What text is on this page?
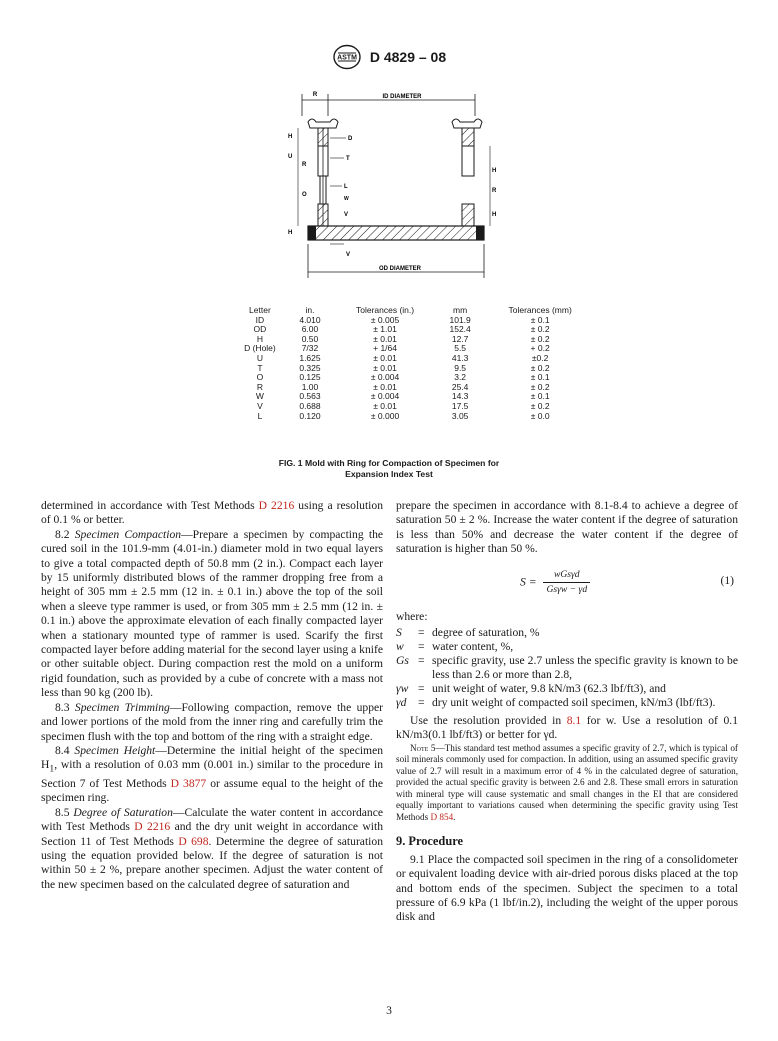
ASTM D 4829 – 08
R	ID DIAMETER
OD DIAMETER
H
U
R
O
H
D
T
L
W
V
V
H
R
H
Letter	in.	Tolerances (in.)	mm	Tolerances (mm)
ID	4.010	± 0.005	101.9	± 0.1
OD	6.00	± 1.01	152.4	± 0.2
H	0.50	± 0.01	12.7	± 0.2
D (Hole)	7/32	+ 1/64	5.5	+ 0.2
U	1.625	± 0.01	41.3	±0.2
T	0.325	± 0.01	9.5	± 0.2
O	0.125	± 0.004	3.2	± 0.1
R	1.00	± 0.01	25.4	± 0.2
W	0.563	± 0.004	14.3	± 0.1
V	0.688	± 0.01	17.5	± 0.2
L	0.120	± 0.000	3.05	± 0.0
FIG. 1 Mold with Ring for Compaction of Specimen for
Expansion Index Test

determined in accordance with Test Methods D 2216 using a resolution of 0.1 % or better.

8.2 Specimen Compaction—Prepare a specimen by compacting the cured soil in the 101.9-mm (4.01-in.) diameter mold in two equal layers to give a total compacted depth of 50.8 mm (2 in.). Compact each layer by 15 uniformly distributed blows of the rammer dropping free from a height of 305 mm ± 2.5 mm (12 in. ± 0.1 in.) above the top of the soil when a sleeve type rammer is used, or from 305 mm ± 2.5 mm (12 in. ± 0.1 in.) above the approximate elevation of each finally compacted layer when a stationary mounted type of rammer is used. Scarify the first compacted layer before adding material for the second layer using a knife or other suitable object. During compaction rest the mold on a uniform rigid foundation, such as provided by a cube of concrete with a mass not less than 90 kg (200 lb).

8.3 Specimen Trimming—Following compaction, remove the upper and lower portions of the mold from the inner ring and carefully trim the specimen flush with the top and bottom of the ring with a straight edge.

8.4 Specimen Height—Determine the initial height of the specimen $H_1$, with a resolution of 0.03 mm (0.001 in.) similar to the procedure in Section 7 of Test Methods D 3877 or assume equal to the height of the specimen ring.

8.5 Degree of Saturation—Calculate the water content in accordance with Test Methods D 2216 and the dry unit weight in accordance with Section 11 of Test Methods D 698. Determine the degree of saturation using the equation provided below. If the degree of saturation is not within 50 ± 2 %, prepare another specimen. Adjust the water content of the new specimen based on the calculated degree of saturation and

prepare the specimen in accordance with 8.1-8.4 to achieve a degree of saturation 50 ± 2 %. Increase the water content if the degree of saturation is less than 50% and decrease the water content if the degree of saturation is higher than 50 %.

$S = \frac{\text{wGsγd}}{\text{Gsγw − γd}}$	(1)

where:

S	= degree of saturation, %
w	= water content, %,
Gs = specific gravity, use 2.7 unless the specific gravity is known to be less than 2.6 or more than 2.8,
γw = unit weight of water, 9.8 kN/m3 (62.3 lbf/ft3), and
γd	= dry unit weight of compacted soil specimen, kN/m3 (lbf/ft3).

Use the resolution provided in 8.1 for w. Use a resolution of 0.1 kN/m3(0.1 lbf/ft3) or better for γd.

Note 5—This standard test method assumes a specific gravity of 2.7, which is typical of soil minerals commonly used for compaction. In addition, using an assumed specific gravity value of 2.7 will result in a maximum error of 4 % in the calculated degree of saturation, provided the actual specific gravity is between 2.6 and 2.8. These small errors in saturation with mineral type will cause systematic and small changes in the EI that are considered equally important to variations caused when determining the specific gravity using Test Methods D 854.

9. Procedure

9.1 Place the compacted soil specimen in the ring of a consolidometer or equivalent loading device with air-dried porous disks placed at the top and bottom ends of the specimen. Subject the specimen to a total pressure of 6.9 kPa (1 lbf/in.2), including the weight of the upper porous disk and

3
